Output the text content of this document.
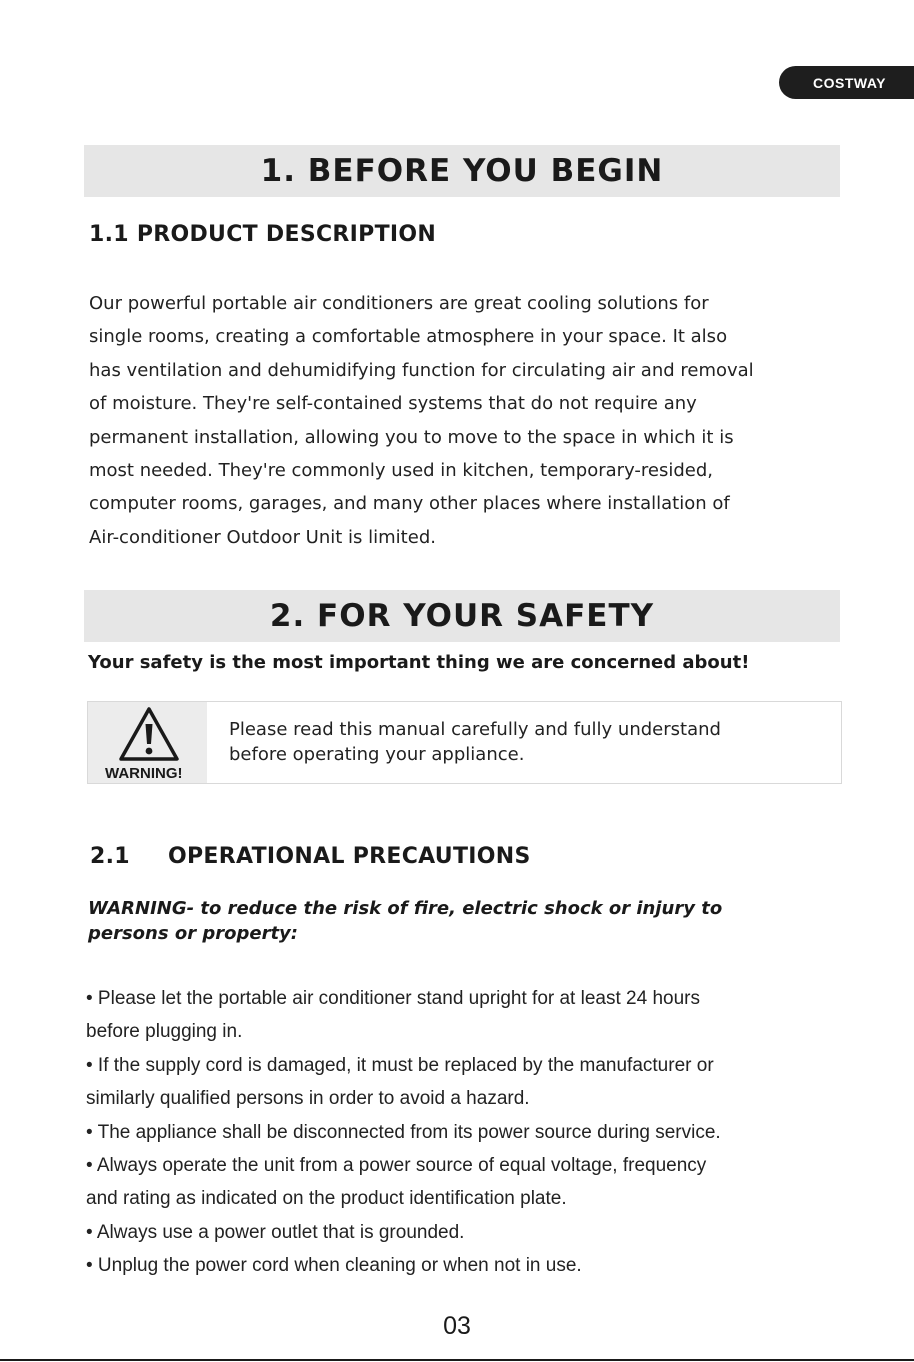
COSTWAY
1. BEFORE YOU BEGIN
1.1 PRODUCT DESCRIPTION
Our powerful portable air conditioners are great cooling solutions for
single rooms, creating a comfortable atmosphere in your space. It also
has ventilation and dehumidifying function for circulating air and removal
of moisture. They're self-contained systems that do not require any
permanent installation, allowing you to move to the space in which it is
most needed. They're commonly used in kitchen, temporary-resided,
computer rooms, garages, and many other places where installation of
Air-conditioner Outdoor Unit is limited.
2. FOR YOUR SAFETY
Your safety is the most important thing we are concerned about!
WARNING!
Please read this manual carefully and fully understand
before operating your appliance.
2.1 OPERATIONAL PRECAUTIONS
WARNING- to reduce the risk of fire, electric shock or injury to
persons or property:
• Please let the portable air conditioner stand upright for at least 24 hours
before plugging in.
• If the supply cord is damaged, it must be replaced by the manufacturer or
similarly qualified persons in order to avoid a hazard.
• The appliance shall be disconnected from its power source during service.
• Always operate the unit from a power source of equal voltage, frequency
and rating as indicated on the product identification plate.
• Always use a power outlet that is grounded.
• Unplug the power cord when cleaning or when not in use.
03
